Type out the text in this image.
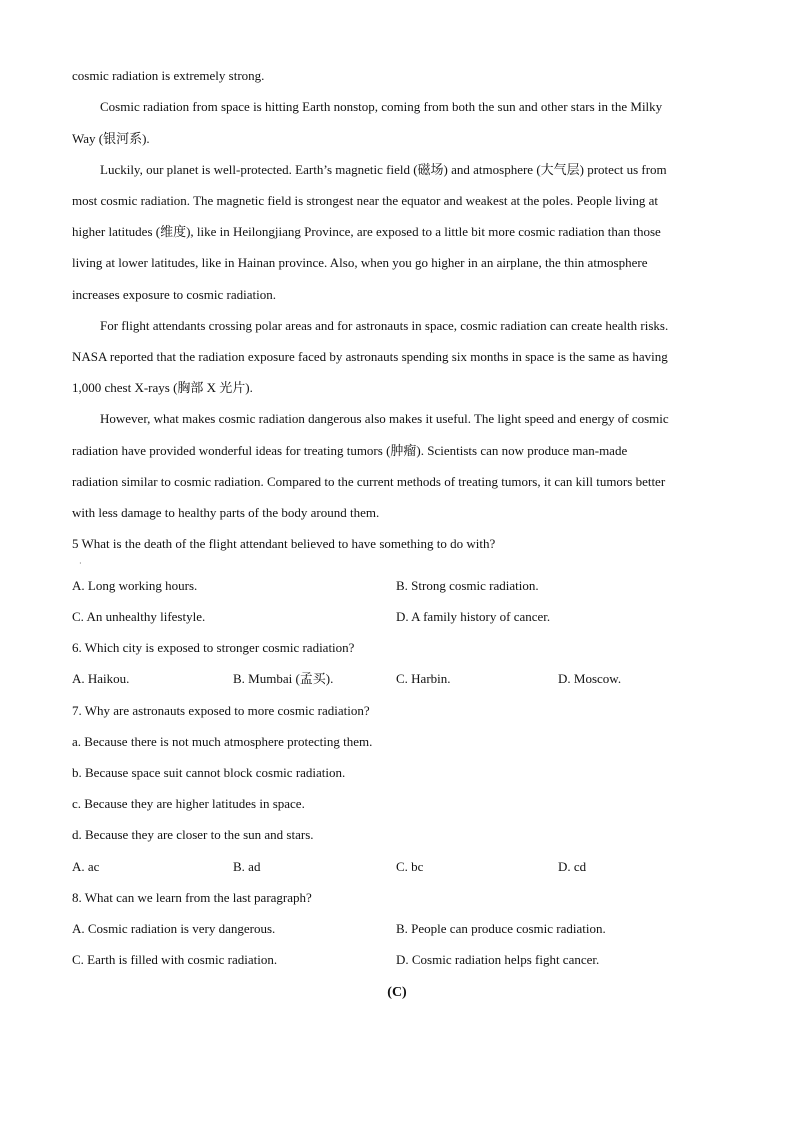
cosmic radiation is extremely strong.
Cosmic radiation from space is hitting Earth nonstop, coming from both the sun and other stars in the Milky
Way (银河系).
Luckily, our planet is well-protected. Earth’s magnetic field (磁场) and atmosphere (大气层) protect us from
most cosmic radiation. The magnetic field is strongest near the equator and weakest at the poles. People living at
higher latitudes (维度), like in Heilongjiang Province, are exposed to a little bit more cosmic radiation than those
living at lower latitudes, like in Hainan province. Also, when you go higher in an airplane, the thin atmosphere
increases exposure to cosmic radiation.
For flight attendants crossing polar areas and for astronauts in space, cosmic radiation can create health risks.
NASA reported that the radiation exposure faced by astronauts spending six months in space is the same as having
1,000 chest X-rays (胸部 X 光片).
However, what makes cosmic radiation dangerous also makes it useful. The light speed and energy of cosmic
radiation have provided wonderful ideas for treating tumors (肿瘤). Scientists can now produce man-made
radiation similar to cosmic radiation. Compared to the current methods of treating tumors, it can kill tumors better
with less damage to healthy parts of the body around them.
5 What is the death of the flight attendant believed to have something to do with?
·
A. Long working hours.	B. Strong cosmic radiation.
C. An unhealthy lifestyle.	D. A family history of cancer.
6. Which city is exposed to stronger cosmic radiation?
A. Haikou.	B. Mumbai (孟买).	C. Harbin.	D. Moscow.
7. Why are astronauts exposed to more cosmic radiation?
a. Because there is not much atmosphere protecting them.
b. Because space suit cannot block cosmic radiation.
c. Because they are higher latitudes in space.
d. Because they are closer to the sun and stars.
A. ac	B. ad	C. bc	D. cd
8. What can we learn from the last paragraph?
A. Cosmic radiation is very dangerous.	B. People can produce cosmic radiation.
C. Earth is filled with cosmic radiation.	D. Cosmic radiation helps fight cancer.
(C)
